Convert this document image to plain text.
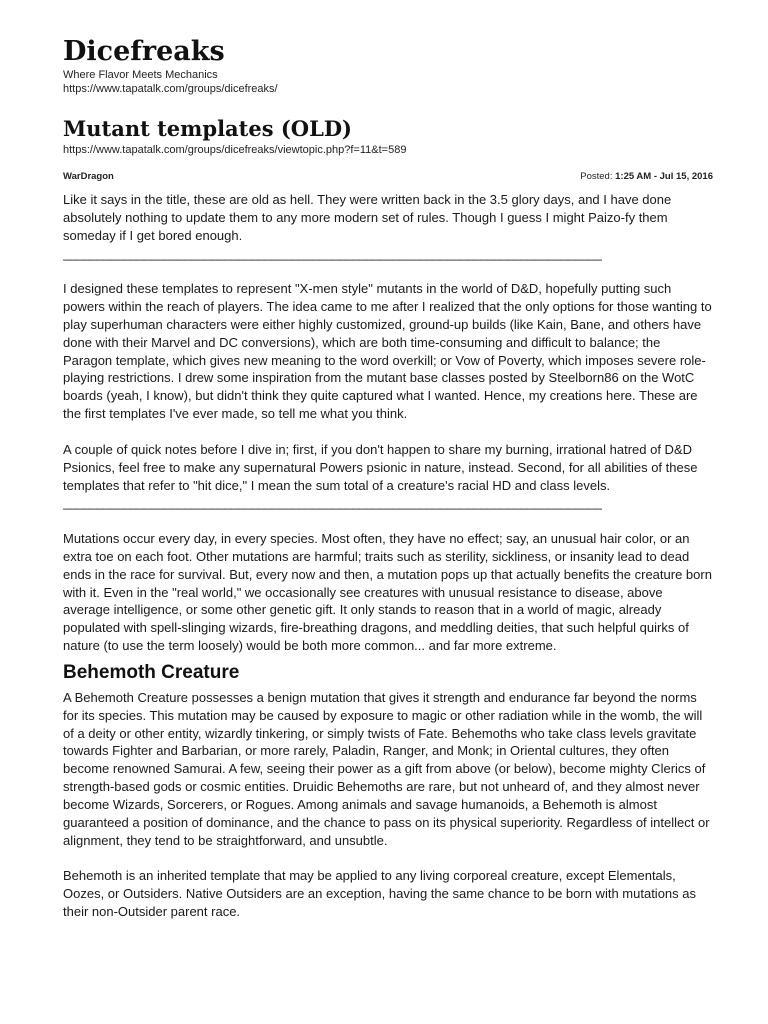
Dicefreaks
Where Flavor Meets Mechanics
https://www.tapatalk.com/groups/dicefreaks/
Mutant templates (OLD)
https://www.tapatalk.com/groups/dicefreaks/viewtopic.php?f=11&t=589
WarDragon	Posted: 1:25 AM - Jul 15, 2016

Like it says in the title, these are old as hell. They were written back in the 3.5 glory days, and I have done absolutely nothing to update them to any more modern set of rules. Though I guess I might Paizo-fy them someday if I get bored enough.

________________________________________________________________________________

I designed these templates to represent "X-men style" mutants in the world of D&D, hopefully putting such powers within the reach of players. The idea came to me after I realized that the only options for those wanting to play superhuman characters were either highly customized, ground-up builds (like Kain, Bane, and others have done with their Marvel and DC conversions), which are both time-consuming and difficult to balance; the Paragon template, which gives new meaning to the word overkill; or Vow of Poverty, which imposes severe role-playing restrictions. I drew some inspiration from the mutant base classes posted by Steelborn86 on the WotC boards (yeah, I know), but didn't think they quite captured what I wanted. Hence, my creations here. These are the first templates I've ever made, so tell me what you think.

A couple of quick notes before I dive in; first, if you don't happen to share my burning, irrational hatred of D&D Psionics, feel free to make any supernatural Powers psionic in nature, instead. Second, for all abilities of these templates that refer to "hit dice," I mean the sum total of a creature's racial HD and class levels.

________________________________________________________________________________

Mutations occur every day, in every species. Most often, they have no effect; say, an unusual hair color, or an extra toe on each foot. Other mutations are harmful; traits such as sterility, sickliness, or insanity lead to dead ends in the race for survival. But, every now and then, a mutation pops up that actually benefits the creature born with it. Even in the "real world," we occasionally see creatures with unusual resistance to disease, above average intelligence, or some other genetic gift. It only stands to reason that in a world of magic, already populated with spell-slinging wizards, fire-breathing dragons, and meddling deities, that such helpful quirks of nature (to use the term loosely) would be both more common... and far more extreme.

Behemoth Creature

A Behemoth Creature possesses a benign mutation that gives it strength and endurance far beyond the norms for its species. This mutation may be caused by exposure to magic or other radiation while in the womb, the will of a deity or other entity, wizardly tinkering, or simply twists of Fate. Behemoths who take class levels gravitate towards Fighter and Barbarian, or more rarely, Paladin, Ranger, and Monk; in Oriental cultures, they often become renowned Samurai. A few, seeing their power as a gift from above (or below), become mighty Clerics of strength-based gods or cosmic entities. Druidic Behemoths are rare, but not unheard of, and they almost never become Wizards, Sorcerers, or Rogues. Among animals and savage humanoids, a Behemoth is almost guaranteed a position of dominance, and the chance to pass on its physical superiority. Regardless of intellect or alignment, they tend to be straightforward, and unsubtle.

Behemoth is an inherited template that may be applied to any living corporeal creature, except Elementals, Oozes, or Outsiders. Native Outsiders are an exception, having the same chance to be born with mutations as their non-Outsider parent race.
